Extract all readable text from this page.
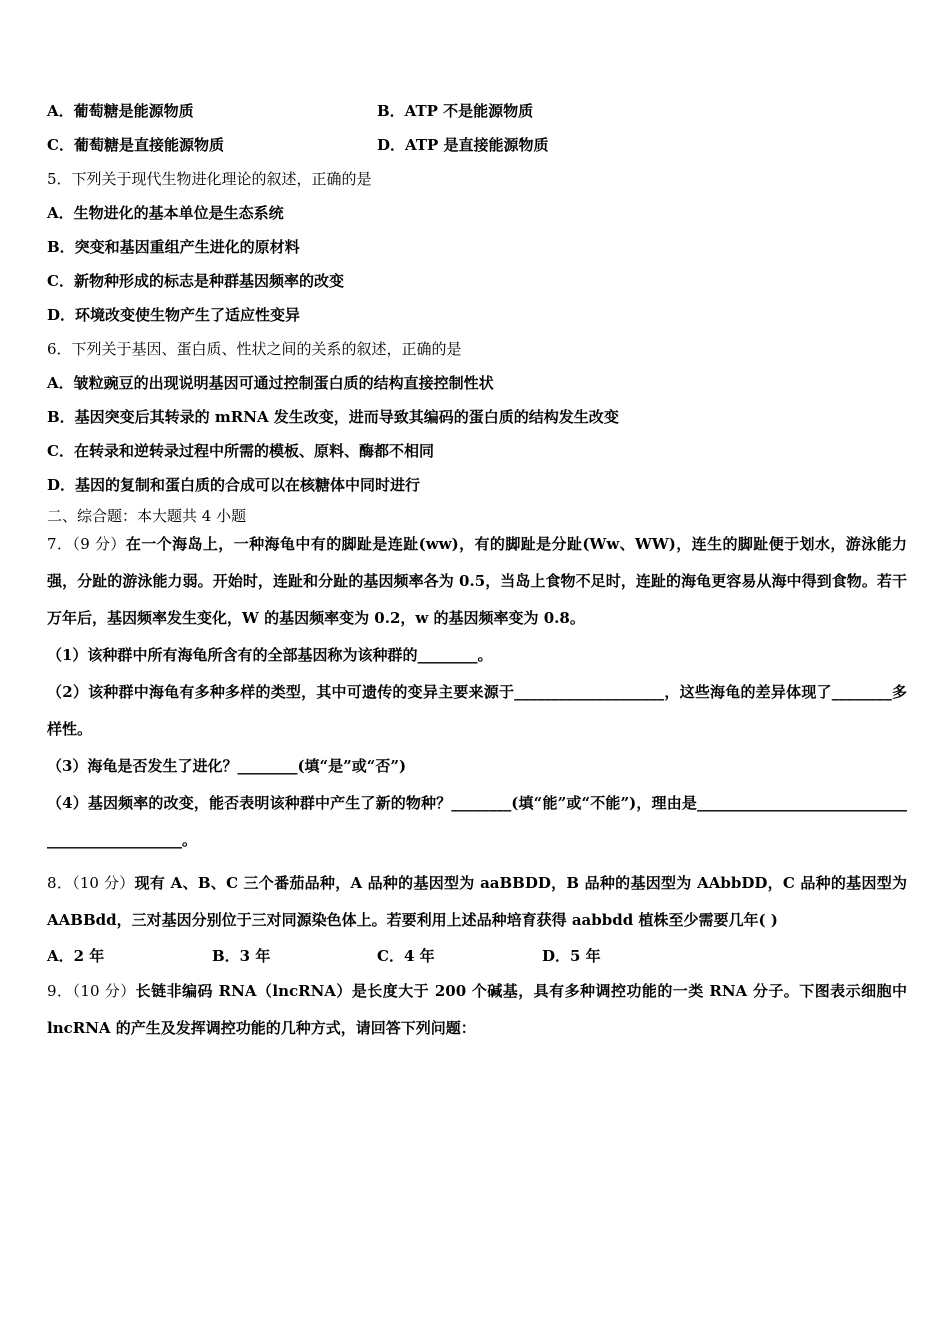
A．葡萄糖是能源物质	B．ATP 不是能源物质
C．葡萄糖是直接能源物质	D．ATP 是直接能源物质
5．下列关于现代生物进化理论的叙述，正确的是
A．生物进化的基本单位是生态系统
B．突变和基因重组产生进化的原材料
C．新物种形成的标志是种群基因频率的改变
D．环境改变使生物产生了适应性变异
6．下列关于基因、蛋白质、性状之间的关系的叙述，正确的是
A．皱粒豌豆的出现说明基因可通过控制蛋白质的结构直接控制性状
B．基因突变后其转录的 mRNA 发生改变，进而导致其编码的蛋白质的结构发生改变
C．在转录和逆转录过程中所需的模板、原料、酶都不相同
D．基因的复制和蛋白质的合成可以在核糖体中同时进行
二、综合题：本大题共 4 小题
7．（9 分）在一个海岛上，一种海龟中有的脚趾是连趾(ww)，有的脚趾是分趾(Ww、WW)，连生的脚趾便于划水，游泳能力强，分趾的游泳能力弱。开始时，连趾和分趾的基因频率各为 0.5，当岛上食物不足时，连趾的海龟更容易从海中得到食物。若干万年后，基因频率发生变化，W 的基因频率变为 0.2，w 的基因频率变为 0.8。
（1）该种群中所有海龟所含有的全部基因称为该种群的________。
（2）该种群中海龟有多种多样的类型，其中可遗传的变异主要来源于____________________，这些海龟的差异体现了________多样性。
（3）海龟是否发生了进化？________(填“是”或“否”)
（4）基因频率的改变，能否表明该种群中产生了新的物种？________(填“能”或“不能”)，理由是______________________________________________。
8．（10 分）现有 A、B、C 三个番茄品种，A 品种的基因型为 aaBBDD，B 品种的基因型为 AAbbDD，C 品种的基因型为 AABBdd，三对基因分别位于三对同源染色体上。若要利用上述品种培育获得 aabbdd 植株至少需要几年( )
A．2 年	B．3 年	C．4 年	D．5 年
9．（10 分）长链非编码 RNA（lncRNA）是长度大于 200 个碱基，具有多种调控功能的一类 RNA 分子。下图表示细胞中 lncRNA 的产生及发挥调控功能的几种方式，请回答下列问题：
